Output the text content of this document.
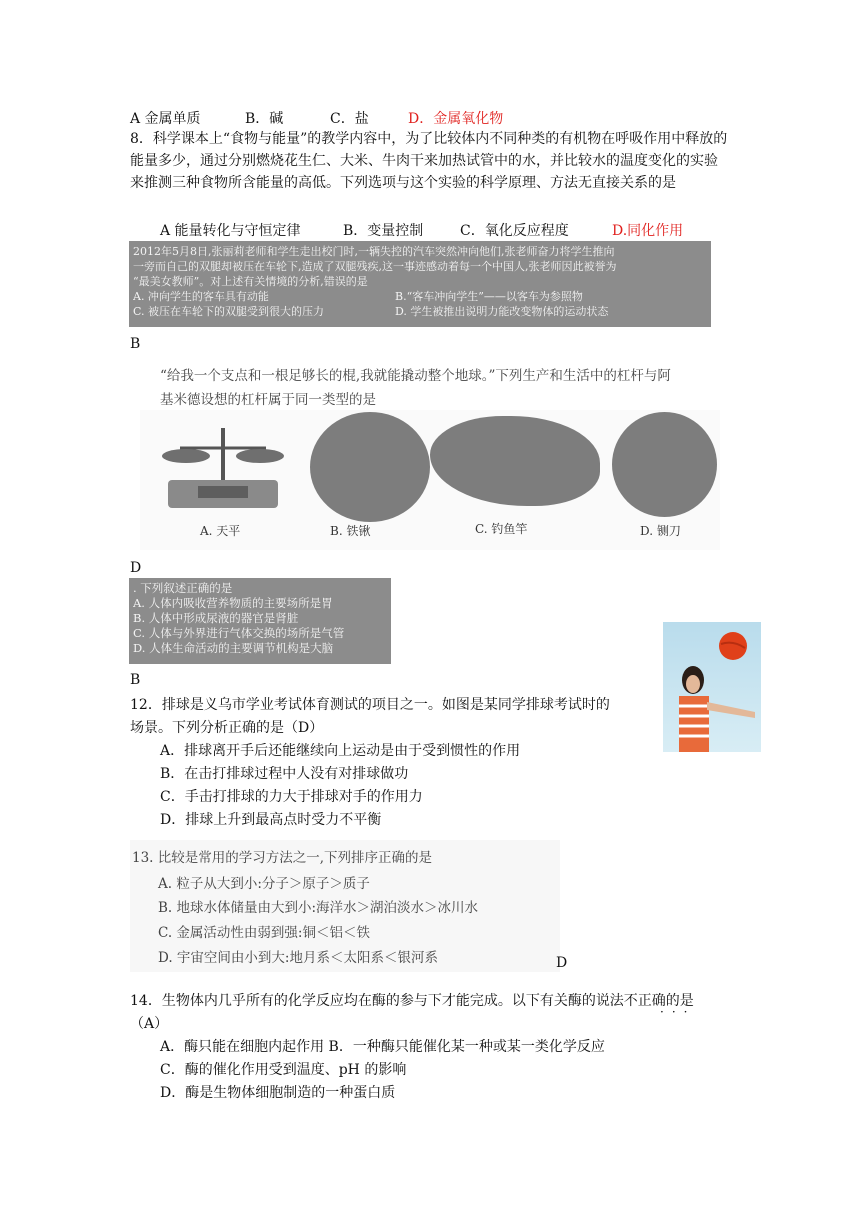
A 金属单质	B．碱	C．盐	D．金属氧化物
8．科学课本上“食物与能量”的教学内容中，为了比较体内不同种类的有机物在呼吸作用中释放的能量多少，通过分别燃烧花生仁、大米、牛肉干来加热试管中的水，并比较水的温度变化的实验来推测三种食物所含能量的高低。下列选项与这个实验的科学原理、方法无直接关系的是
A 能量转化与守恒定律	B．变量控制	C．氧化反应程度	D.同化作用
2012年5月8日,张丽莉老师和学生走出校门时,一辆失控的汽车突然冲向他们,张老师奋力将学生推向
一旁而自己的双腿却被压在车轮下,造成了双腿残疾,这一事迹感动着每一个中国人,张老师因此被誉为
“最美女教师”。对上述有关情境的分析,错误的是
A. 冲向学生的客车具有动能	B.“客车冲向学生”——以客车为参照物
C. 被压在车轮下的双腿受到很大的压力	D. 学生被推出说明力能改变物体的运动状态
B
“给我一个支点和一根足够长的棍,我就能撬动整个地球。”下列生产和生活中的杠杆与阿
基米德设想的杠杆属于同一类型的是
A. 天平	B. 铁锹	C. 钓鱼竿	D. 铡刀
D
. 下列叙述正确的是
A. 人体内吸收营养物质的主要场所是胃
B. 人体中形成尿液的器官是肾脏
C. 人体与外界进行气体交换的场所是气管
D. 人体生命活动的主要调节机构是大脑
B
12．排球是义乌市学业考试体育测试的项目之一。如图是某同学排球考试时的
场景。下列分析正确的是（D）
A．排球离开手后还能继续向上运动是由于受到惯性的作用
B．在击打排球过程中人没有对排球做功
C．手击打排球的力大于排球对手的作用力
D．排球上升到最高点时受力不平衡
13. 比较是常用的学习方法之一,下列排序正确的是
A. 粒子从大到小:分子＞原子＞质子
B. 地球水体储量由大到小:海洋水＞湖泊淡水＞冰川水
C. 金属活动性由弱到强:铜＜铝＜铁
D. 宇宙空间由小到大:地月系＜太阳系＜银河系	D
14．生物体内几乎所有的化学反应均在酶的参与下才能完成。以下有关酶的说法不正确的是
···
（A）
A．酶只能在细胞内起作用 B．一种酶只能催化某一种或某一类化学反应
C．酶的催化作用受到温度、pH 的影响
D．酶是生物体细胞制造的一种蛋白质
